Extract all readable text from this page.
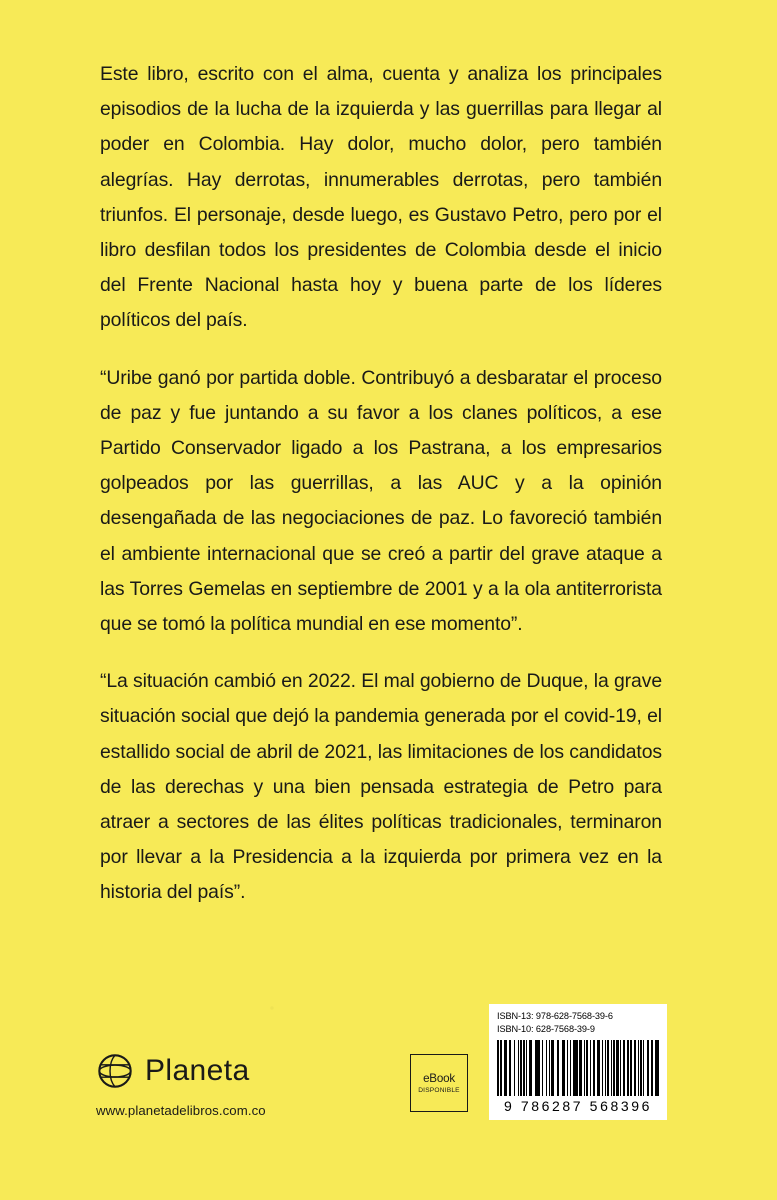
Este libro, escrito con el alma, cuenta y analiza los principales episodios de la lucha de la izquierda y las guerrillas para llegar al poder en Colombia. Hay dolor, mucho dolor, pero también alegrías. Hay derrotas, innumerables derrotas, pero también triunfos. El personaje, desde luego, es Gustavo Petro, pero por el libro desfilan todos los presidentes de Colombia desde el inicio del Frente Nacional hasta hoy y buena parte de los líderes políticos del país.

“Uribe ganó por partida doble. Contribuyó a desbaratar el proceso de paz y fue juntando a su favor a los clanes políticos, a ese Partido Conservador ligado a los Pastrana, a los empresarios golpeados por las guerrillas, a las AUC y a la opinión desengañada de las negociaciones de paz. Lo favoreció también el ambiente internacional que se creó a partir del grave ataque a las Torres Gemelas en septiembre de 2001 y a la ola antiterrorista que se tomó la política mundial en ese momento”.

“La situación cambió en 2022. El mal gobierno de Duque, la grave situación social que dejó la pandemia generada por el covid-19, el estallido social de abril de 2021, las limitaciones de los candidatos de las derechas y una bien pensada estrategia de Petro para atraer a sectores de las élites políticas tradicionales, terminaron por llevar a la Presidencia a la izquierda por primera vez en la historia del país”.

Planeta
www.planetadelibros.com.co
eBook
DISPONIBLE
ISBN-13: 978-628-7568-39-6
ISBN-10: 628-7568-39-9
9 786287 568396
